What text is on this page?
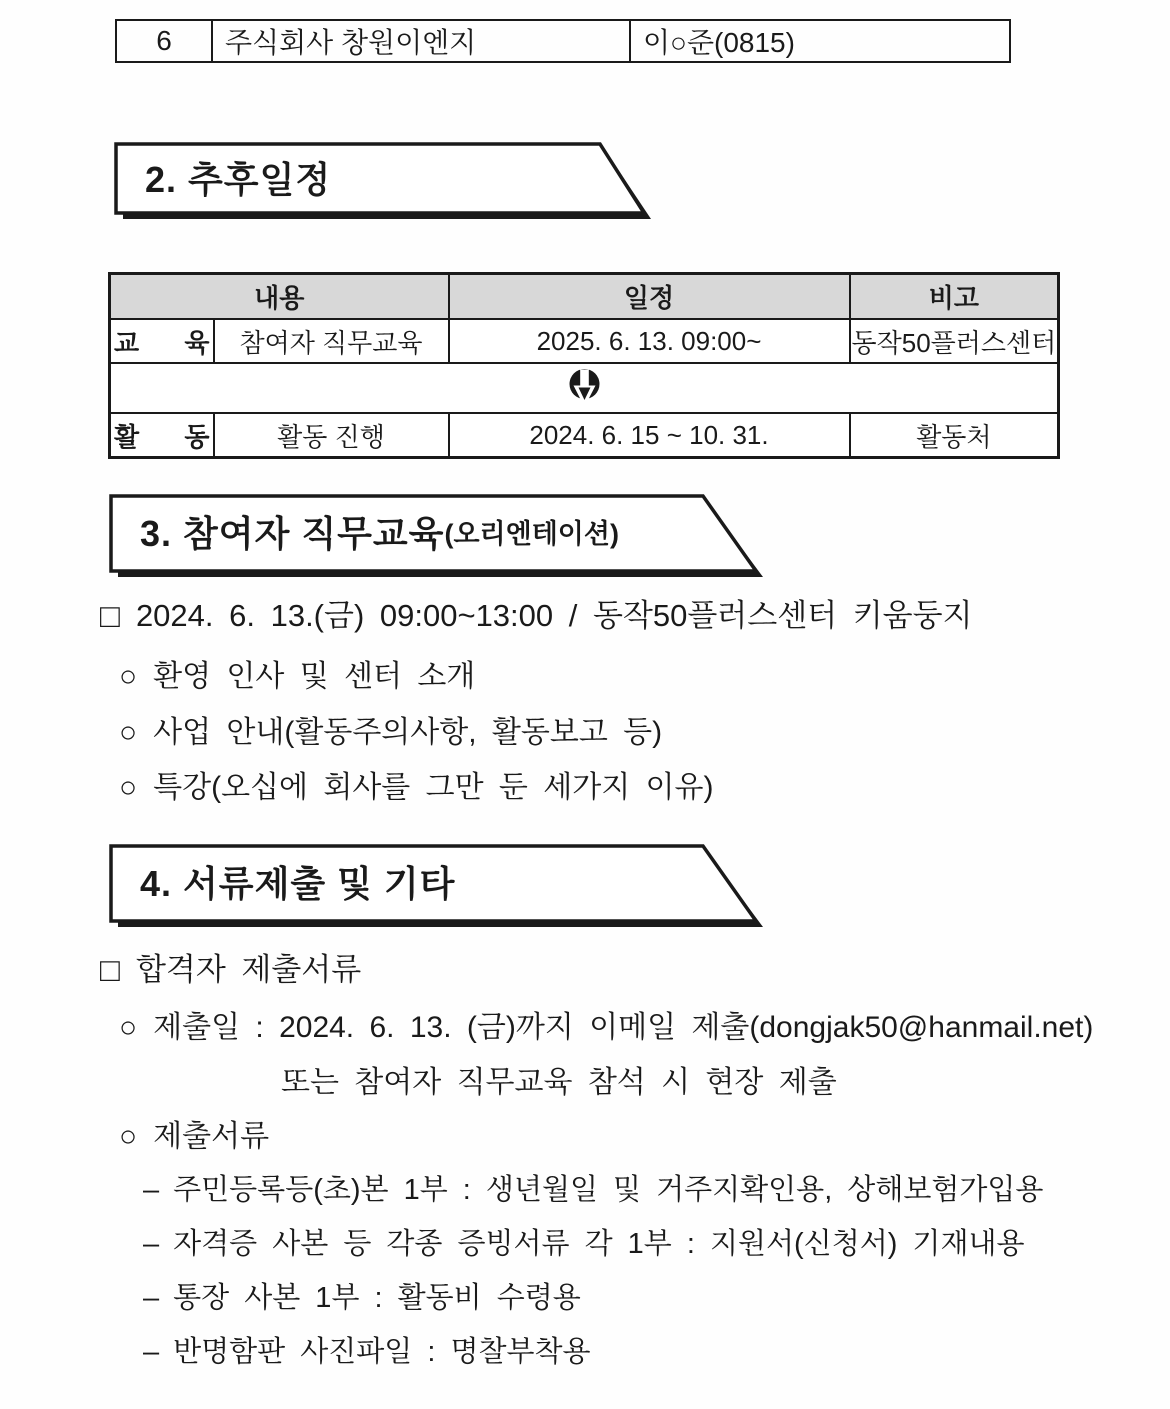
6	주식회사 창원이엔지	이○준(0815)
2. 추후일정
내용		일정	비고
교 육	참여자 직무교육	2025. 6. 13. 09:00~	동작50플러스센터

활 동	활동 진행	2024. 6. 15 ~ 10. 31.	활동처
3. 참여자 직무교육 (오리엔테이션)
□ 2024. 6. 13.(금) 09:00~13:00 / 동작50플러스센터 키움둥지
○ 환영 인사 및 센터 소개
○ 사업 안내(활동주의사항, 활동보고 등)
○ 특강(오십에 회사를 그만 둔 세가지 이유)
4. 서류제출 및 기타
□ 합격자 제출서류
○ 제출일 : 2024. 6. 13. (금)까지 이메일 제출(dongjak50@hanmail.net)
또는 참여자 직무교육 참석 시 현장 제출
○ 제출서류
– 주민등록등(초)본 1부 : 생년월일 및 거주지확인용, 상해보험가입용
– 자격증 사본 등 각종 증빙서류 각 1부 : 지원서(신청서) 기재내용
– 통장 사본 1부 : 활동비 수령용
– 반명함판 사진파일 : 명찰부착용
